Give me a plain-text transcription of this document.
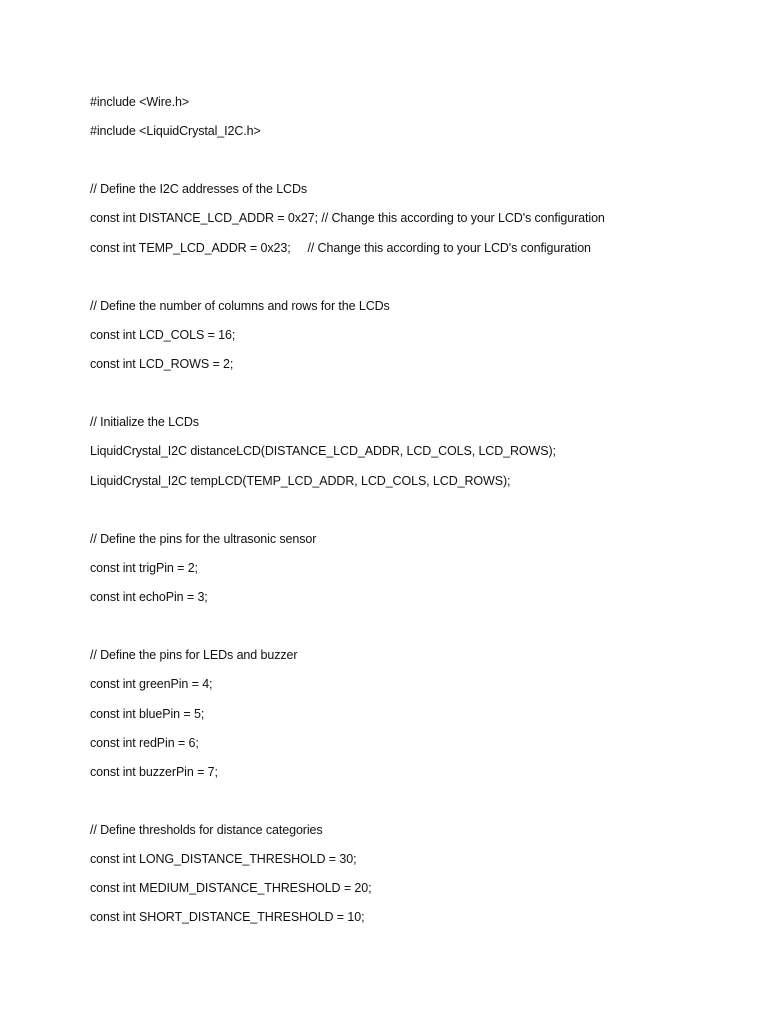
#include <Wire.h>
#include <LiquidCrystal_I2C.h>
// Define the I2C addresses of the LCDs
const int DISTANCE_LCD_ADDR = 0x27; // Change this according to your LCD's configuration
const int TEMP_LCD_ADDR = 0x23;     // Change this according to your LCD's configuration
// Define the number of columns and rows for the LCDs
const int LCD_COLS = 16;
const int LCD_ROWS = 2;
// Initialize the LCDs
LiquidCrystal_I2C distanceLCD(DISTANCE_LCD_ADDR, LCD_COLS, LCD_ROWS);
LiquidCrystal_I2C tempLCD(TEMP_LCD_ADDR, LCD_COLS, LCD_ROWS);
// Define the pins for the ultrasonic sensor
const int trigPin = 2;
const int echoPin = 3;
// Define the pins for LEDs and buzzer
const int greenPin = 4;
const int bluePin = 5;
const int redPin = 6;
const int buzzerPin = 7;
// Define thresholds for distance categories
const int LONG_DISTANCE_THRESHOLD = 30;
const int MEDIUM_DISTANCE_THRESHOLD = 20;
const int SHORT_DISTANCE_THRESHOLD = 10;
